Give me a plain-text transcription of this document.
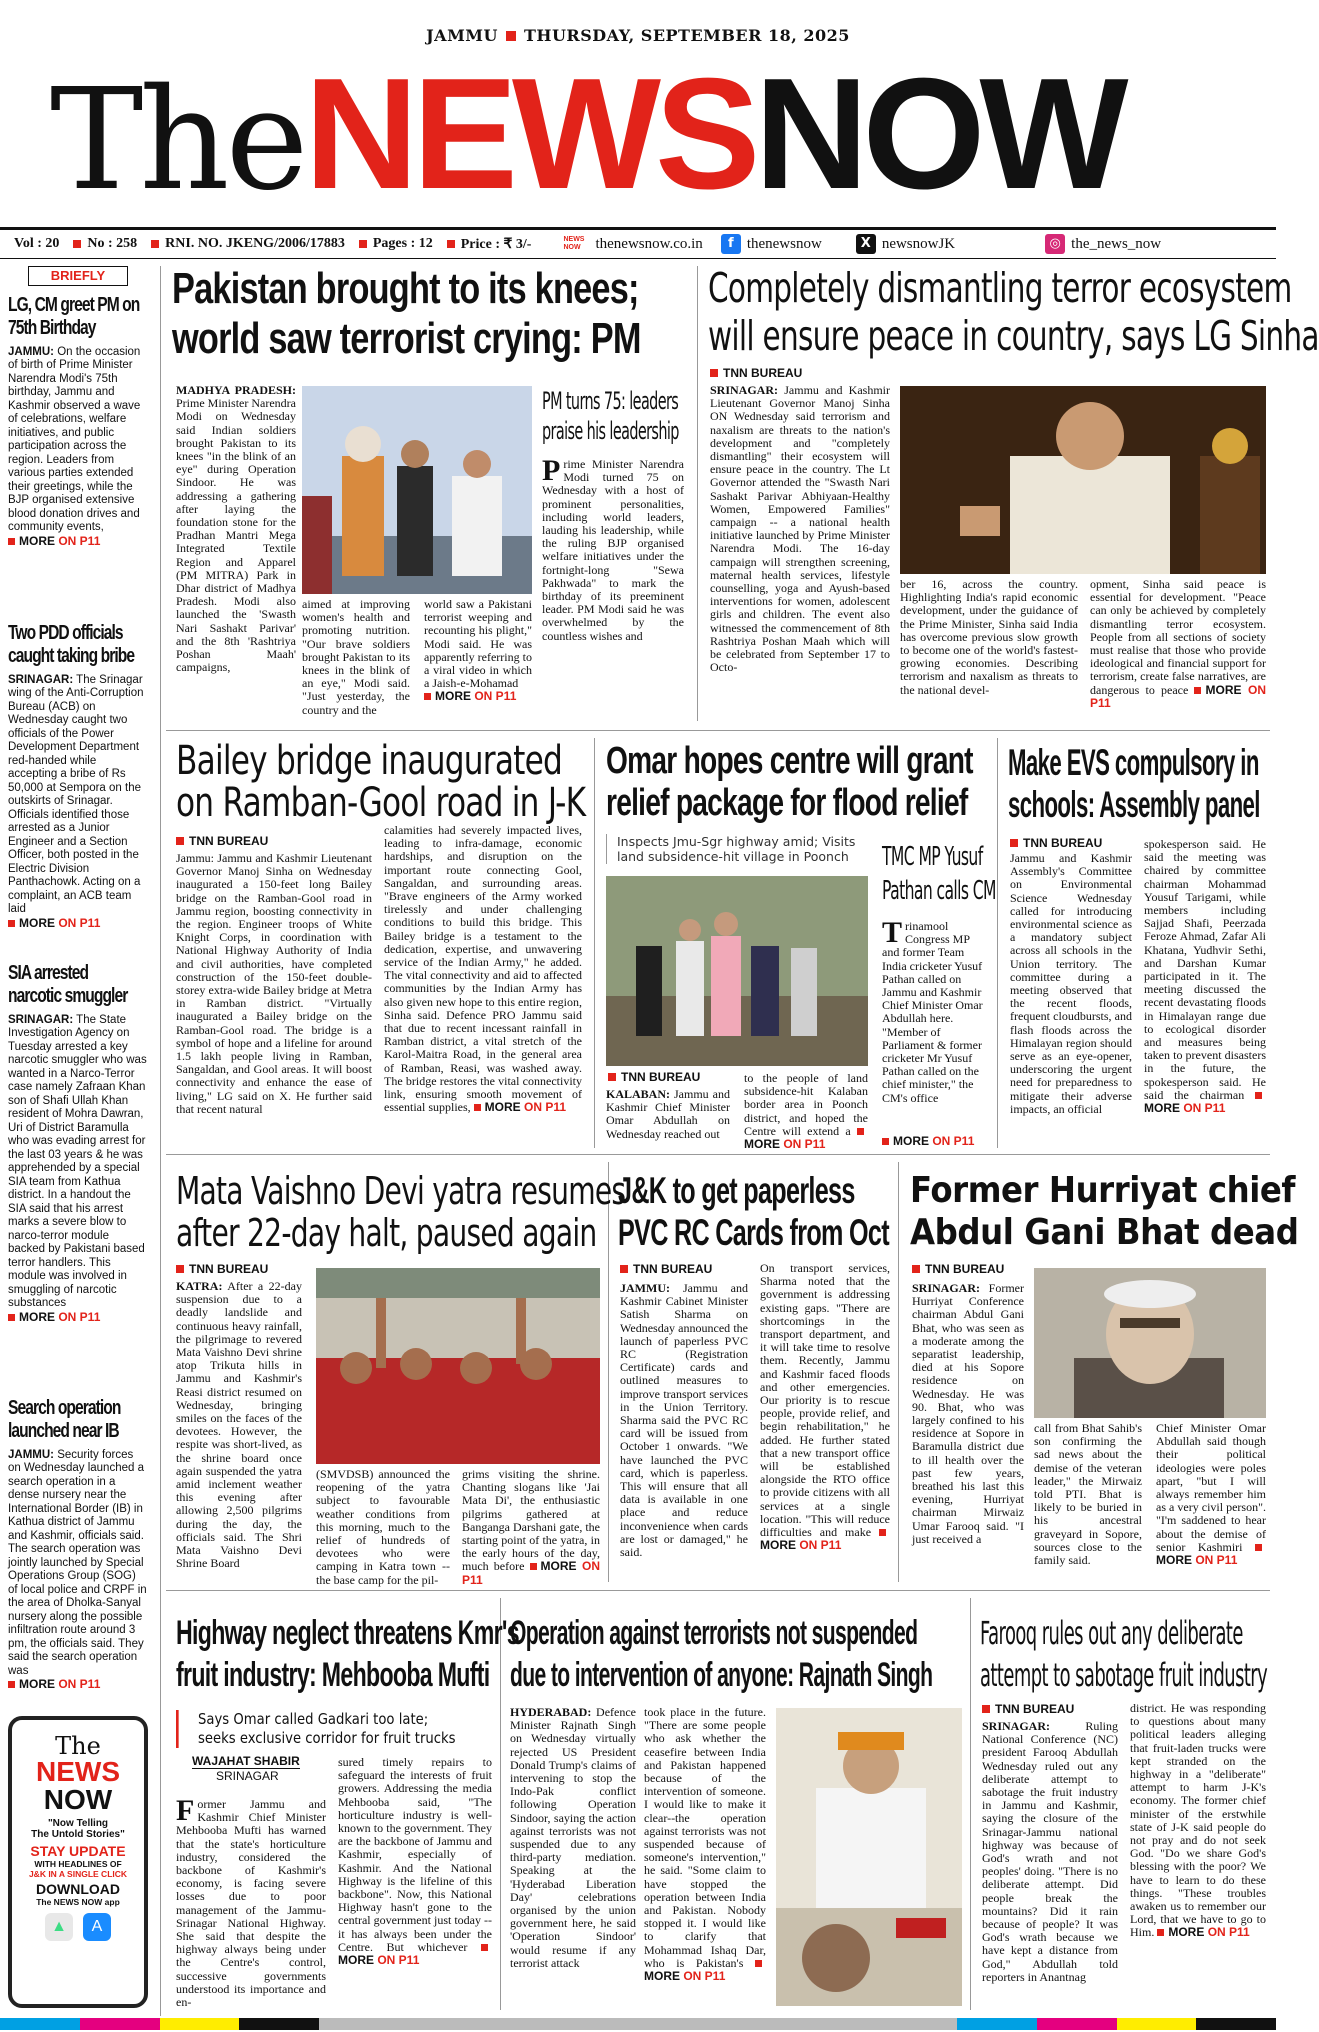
JAMMU THURSDAY, SEPTEMBER 18, 2025
TheNEWSNOW
Vol : 20 No : 258 RNI. NO. JKENG/2006/17883 Pages : 12 Price : ₹ 3/-	NEWS NOW thenewsnow.co.in	f thenewsnow	X newsnowJK	◎ the_news_now
BRIEFLY
LG, CM greet PM on 75th Birthday
JAMMU: On the occasion of birth of Prime Minister Narendra Modi's 75th birthday, Jammu and Kashmir observed a wave of celebrations, welfare initiatives, and public participation across the region. Leaders from various parties extended their greetings, while the BJP organised extensive blood donation drives and community events,
MORE ON P11
Two PDD officials caught taking bribe
SRINAGAR: The Srinagar wing of the Anti-Corruption Bureau (ACB) on Wednesday caught two officials of the Power Development Department red-handed while accepting a bribe of Rs 50,000 at Sempora on the outskirts of Srinagar. Officials identified those arrested as a Junior Engineer and a Section Officer, both posted in the Electric Division Panthachowk. Acting on a complaint, an ACB team laid
MORE ON P11
SIA arrested narcotic smuggler
SRINAGAR: The State Investigation Agency on Tuesday arrested a key narcotic smuggler who was wanted in a Narco-Terror case namely Zafraan Khan son of Shafi Ullah Khan resident of Mohra Dawran, Uri of District Baramulla who was evading arrest for the last 03 years & he was apprehended by a special SIA team from Kathua district. In a handout the SIA said that his arrest marks a severe blow to narco-terror module backed by Pakistani based terror handlers. This module was involved in smuggling of narcotic substances
MORE ON P11
Search operation launched near IB
JAMMU: Security forces on Wednesday launched a search operation in a dense nursery near the International Border (IB) in Kathua district of Jammu and Kashmir, officials said. The search operation was jointly launched by Special Operations Group (SOG) of local police and CRPF in the area of Dholka-Sanyal nursery along the possible infiltration route around 3 pm, the officials said. They said the search operation was
MORE ON P11
The
NEWS
NOW
"Now Telling
The Untold Stories"
STAY UPDATE
WITH HEADLINES OF
J&K IN A SINGLE CLICK
DOWNLOAD
The NEWS NOW app
▲	A
Pakistan brought to its knees;
world saw terrorist crying: PM
MADHYA PRADESH: Prime Minister Narendra Modi on Wednesday said Indian soldiers brought Pakistan to its knees "in the blink of an eye" during Operation Sindoor. He was addressing a gathering after laying the foundation stone for the Pradhan Mantri Mega Integrated Textile Region and Apparel (PM MITRA) Park in Dhar district of Madhya Pradesh. Modi also launched the 'Swasth Nari Sashakt Parivar' and the 8th 'Rashtriya Poshan Maah' campaigns,
aimed at improving women's health and promoting nutrition. "Our brave soldiers brought Pakistan to its knees in the blink of an eye," Modi said. "Just yesterday, the country and the
world saw a Pakistani terrorist weeping and recounting his plight," Modi said. He was apparently referring to a viral video in which a Jaish-e-Mohamad
MORE ON P11
PM turns 75: leaders
praise his leadership
Prime Minister Narendra Modi turned 75 on Wednesday with a host of prominent personalities, including world leaders, lauding his leadership, while the ruling BJP organised welfare initiatives under the fortnight-long "Sewa Pakhwada" to mark the birthday of its preeminent leader. PM Modi said he was overwhelmed by the countless wishes and
Completely dismantling terror ecosystem
will ensure peace in country, says LG Sinha
TNN BUREAU
SRINAGAR: Jammu and Kashmir Lieutenant Governor Manoj Sinha ON Wednesday said terrorism and naxalism are threats to the nation's development and "completely dismantling" their ecosystem will ensure peace in the country. The Lt Governor attended the "Swasth Nari Sashakt Parivar Abhiyaan-Healthy Women, Empowered Families" campaign -- a national health initiative launched by Prime Minister Narendra Modi. The 16-day campaign will strengthen screening, maternal health services, lifestyle counselling, yoga and Ayush-based interventions for women, adolescent girls and children. The event also witnessed the commencement of 8th Rashtriya Poshan Maah which will be celebrated from September 17 to Octo-
ber 16, across the country. Highlighting India's rapid economic development, under the guidance of the Prime Minister, Sinha said India has overcome previous slow growth to become one of the world's fastest-growing economies. Describing terrorism and naxalism as threats to the national devel-
opment, Sinha said peace is essential for development. "Peace can only be achieved by completely dismantling terror ecosystem. People from all sections of society must realise that those who provide ideological and financial support for terrorism, create false narratives, are dangerous to peace MORE ON P11
Bailey bridge inaugurated
on Ramban-Gool road in J-K
TNN BUREAU
Jammu: Jammu and Kashmir Lieutenant Governor Manoj Sinha on Wednesday inaugurated a 150-feet long Bailey bridge on the Ramban-Gool road in Jammu region, boosting connectivity in the region. Engineer troops of White Knight Corps, in coordination with National Highway Authority of India and civil authorities, have completed construction of the 150-feet double-storey extra-wide Bailey bridge at Metra in Ramban district. "Virtually inaugurated a Bailey bridge on the Ramban-Gool road. The bridge is a symbol of hope and a lifeline for around 1.5 lakh people living in Ramban, Sangaldan, and Gool areas. It will boost connectivity and enhance the ease of living," LG said on X. He further said that recent natural
calamities had severely impacted lives, leading to infra-damage, economic hardships, and disruption on the important route connecting Gool, Sangaldan, and surrounding areas. "Brave engineers of the Army worked tirelessly and under challenging conditions to build this bridge. This Bailey bridge is a testament to the dedication, expertise, and unwavering service of the Indian Army," he added. The vital connectivity and aid to affected communities by the Indian Army has also given new hope to this entire region, Sinha said. Defence PRO Jammu said that due to recent incessant rainfall in Ramban district, a vital stretch of the Karol-Maitra Road, in the general area of Ramban, Reasi, was washed away. The bridge restores the vital connectivity link, ensuring smooth movement of essential supplies, MORE ON P11
Omar hopes centre will grant
relief package for flood relief
Inspects Jmu-Sgr highway amid; Visits
land subsidence-hit village in Poonch
TNN BUREAU
KALABAN: Jammu and Kashmir Chief Minister Omar Abdullah on Wednesday reached out
to the people of land subsidence-hit Kalaban border area in Poonch district, and hoped the Centre will extend a MORE ON P11
TMC MP Yusuf
Pathan calls CM
Trinamool Congress MP and former Team India cricketer Yusuf Pathan called on Jammu and Kashmir Chief Minister Omar Abdullah here. "Member of Parliament & former cricketer Mr Yusuf Pathan called on the chief minister," the CM's office
MORE ON P11
Make EVS compulsory in
schools: Assembly panel
TNN BUREAU
Jammu and Kashmir Assembly's Committee on Environmental Science Wednesday called for introducing environmental science as a mandatory subject across all schools in the Union territory. The committee during a meeting observed that the recent floods, frequent cloudbursts, and flash floods across the Himalayan region should serve as an eye-opener, underscoring the urgent need for preparedness to mitigate their adverse impacts, an official
spokesperson said. He said the meeting was chaired by committee chairman Mohammad Yousuf Tarigami, while members including Sajjad Shafi, Peerzada Feroze Ahmad, Zafar Ali Khatana, Yudhvir Sethi, and Darshan Kumar participated in it. The meeting discussed the recent devastating floods in Himalayan range due to ecological disorder and measures being taken to prevent disasters in the future, the spokesperson said. He said the chairman MORE ON P11
Mata Vaishno Devi yatra resumes
after 22-day halt, paused again
TNN BUREAU
KATRA: After a 22-day suspension due to a deadly landslide and continuous heavy rainfall, the pilgrimage to revered Mata Vaishno Devi shrine atop Trikuta hills in Jammu and Kashmir's Reasi district resumed on Wednesday, bringing smiles on the faces of the devotees. However, the respite was short-lived, as the shrine board once again suspended the yatra amid inclement weather this evening after allowing 2,500 pilgrims during the day, the officials said. The Shri Mata Vaishno Devi Shrine Board
(SMVDSB) announced the reopening of the yatra subject to favourable weather conditions from this morning, much to the relief of hundreds of devotees who were camping in Katra town -- the base camp for the pil-
grims visiting the shrine. Chanting slogans like 'Jai Mata Di', the enthusiastic pilgrims gathered at Banganga Darshani gate, the starting point of the yatra, in the early hours of the day, much before MORE ON P11
J&K to get paperless
PVC RC Cards from Oct
TNN BUREAU
JAMMU: Jammu and Kashmir Cabinet Minister Satish Sharma on Wednesday announced the launch of paperless PVC RC (Registration Certificate) cards and outlined measures to improve transport services in the Union Territory. Sharma said the PVC RC card will be issued from October 1 onwards. "We have launched the PVC card, which is paperless. This will ensure that all data is available in one place and reduce inconvenience when cards are lost or damaged," he said.
On transport services, Sharma noted that the government is addressing existing gaps. "There are shortcomings in the transport department, and it will take time to resolve them. Recently, Jammu and Kashmir faced floods and other emergencies. Our priority is to rescue people, provide relief, and begin rehabilitation," he added. He further stated that a new transport office will be established alongside the RTO office to provide citizens with all services at a single location. "This will reduce difficulties and make MORE ON P11
Former Hurriyat chief
Abdul Gani Bhat dead
TNN BUREAU
SRINAGAR: Former Hurriyat Conference chairman Abdul Gani Bhat, who was seen as a moderate among the separatist leadership, died at his Sopore residence on Wednesday. He was 90. Bhat, who was largely confined to his residence at Sopore in Baramulla district due to ill health over the past few years, breathed his last this evening, Hurriyat chairman Mirwaiz Umar Farooq said. "I just received a
call from Bhat Sahib's son confirming the sad news about the demise of the veteran leader," the Mirwaiz told PTI. Bhat is likely to be buried in his ancestral graveyard in Sopore, sources close to the family said.
Chief Minister Omar Abdullah said though their political ideologies were poles apart, "but I will always remember him as a very civil person". "I'm saddened to hear about the demise of senior Kashmiri MORE ON P11
Highway neglect threatens Kmr's
fruit industry: Mehbooba Mufti
Says Omar called Gadkari too late;
seeks exclusive corridor for fruit trucks
WAJAHAT SHABIR
SRINAGAR
Former Jammu and Kashmir Chief Minister Mehbooba Mufti has warned that the state's horticulture industry, considered the backbone of Kashmir's economy, is facing severe losses due to poor management of the Jammu-Srinagar National Highway. She said that despite the highway always being under the Centre's control, successive governments understood its importance and en-
sured timely repairs to safeguard the interests of fruit growers. Addressing the media Mehbooba said, "The horticulture industry is well-known to the government. They are the backbone of Jammu and Kashmir, especially of Kashmir. And the National Highway is the lifeline of this backbone". Now, this National Highway hasn't gone to the central government just today -- it has always been under the Centre. But whichever MORE ON P11
Operation against terrorists not suspended
due to intervention of anyone: Rajnath Singh
HYDERABAD: Defence Minister Rajnath Singh on Wednesday virtually rejected US President Donald Trump's claims of intervening to stop the Indo-Pak conflict following Operation Sindoor, saying the action against terrorists was not suspended due to any third-party mediation. Speaking at the 'Hyderabad Liberation Day' celebrations organised by the union government here, he said 'Operation Sindoor' would resume if any terrorist attack
took place in the future. "There are some people who ask whether the ceasefire between India and Pakistan happened because of the intervention of someone. I would like to make it clear--the operation against terrorists was not suspended because of someone's intervention," he said. "Some claim to have stopped the operation between India and Pakistan. Nobody stopped it. I would like to clarify that Mohammad Ishaq Dar, who is Pakistan's MORE ON P11
Farooq rules out any deliberate
attempt to sabotage fruit industry
TNN BUREAU
SRINAGAR:	Ruling National Conference (NC) president Farooq Abdullah Wednesday ruled out any deliberate attempt to sabotage the fruit industry in Jammu and Kashmir, saying the closure of the Srinagar-Jammu national highway was because of God's wrath and not peoples' doing. "There is no deliberate attempt. Did people break the mountains? Did it rain because of people? It was God's wrath because we have kept a distance from God," Abdullah told reporters in Anantnag
district. He was responding to questions about many political leaders alleging that fruit-laden trucks were kept stranded on the highway in a "deliberate" attempt to harm J-K's economy. The former chief minister of the erstwhile state of J-K said people do not pray and do not seek God. "Do we share God's blessing with the poor? We have to learn to do these things. "These troubles awaken us to remember our Lord, that we have to go to Him. MORE ON P11
